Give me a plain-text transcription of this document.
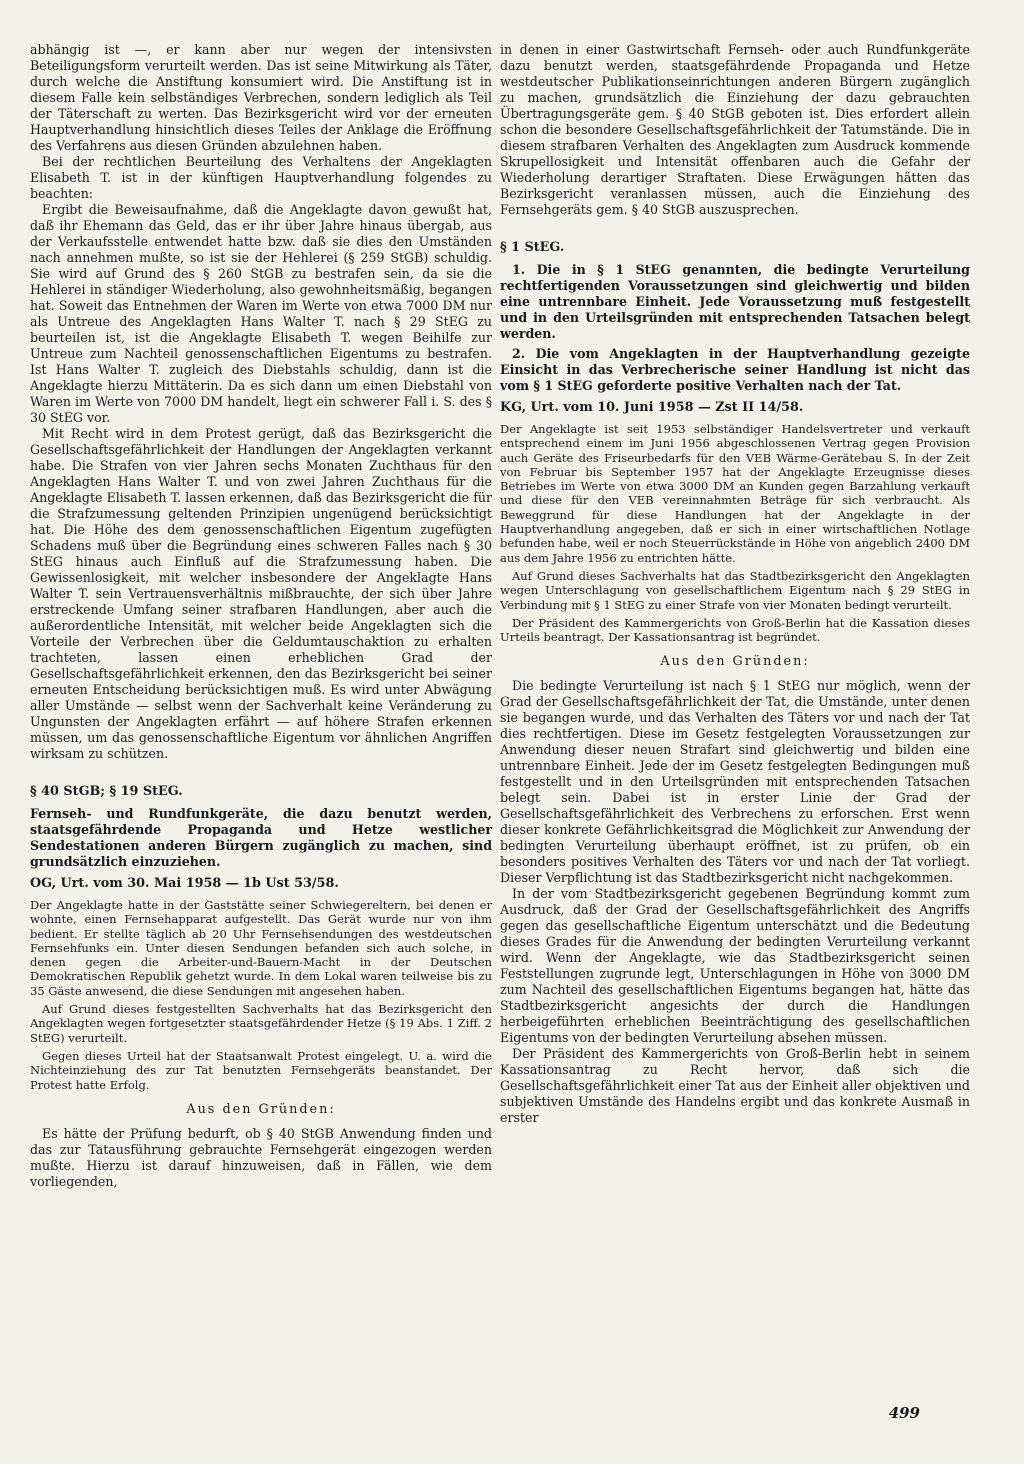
abhängig ist —, er kann aber nur wegen der intensivsten Beteiligungsform verurteilt werden. Das ist seine Mitwirkung als Täter, durch welche die Anstiftung konsumiert wird. Die Anstiftung ist in diesem Falle kein selbständiges Verbrechen, sondern lediglich als Teil der Täterschaft zu werten. Das Bezirksgericht wird vor der erneuten Hauptverhandlung hinsichtlich dieses Teiles der Anklage die Eröffnung des Verfahrens aus diesen Gründen abzulehnen haben.

Bei der rechtlichen Beurteilung des Verhaltens der Angeklagten Elisabeth T. ist in der künftigen Hauptverhandlung folgendes zu beachten:

Ergibt die Beweisaufnahme, daß die Angeklagte davon gewußt hat, daß ihr Ehemann das Geld, das er ihr über Jahre hinaus übergab, aus der Verkaufsstelle entwendet hatte bzw. daß sie dies den Umständen nach annehmen mußte, so ist sie der Hehlerei (§ 259 StGB) schuldig. Sie wird auf Grund des § 260 StGB zu bestrafen sein, da sie die Hehlerei in ständiger Wiederholung, also gewohnheitsmäßig, begangen hat. Soweit das Entnehmen der Waren im Werte von etwa 7000 DM nur als Untreue des Angeklagten Hans Walter T. nach § 29 StEG zu beurteilen ist, ist die Angeklagte Elisabeth T. wegen Beihilfe zur Untreue zum Nachteil genossenschaftlichen Eigentums zu bestrafen. Ist Hans Walter T. zugleich des Diebstahls schuldig, dann ist die Angeklagte hierzu Mittäterin. Da es sich dann um einen Diebstahl von Waren im Werte von 7000 DM handelt, liegt ein schwerer Fall i. S. des § 30 StEG vor.

Mit Recht wird in dem Protest gerügt, daß das Bezirksgericht die Gesellschaftsgefährlichkeit der Handlungen der Angeklagten verkannt habe. Die Strafen von vier Jahren sechs Monaten Zuchthaus für den Angeklagten Hans Walter T. und von zwei Jahren Zuchthaus für die Angeklagte Elisabeth T. lassen erkennen, daß das Bezirksgericht die für die Strafzumessung geltenden Prinzipien ungenügend berücksichtigt hat. Die Höhe des dem genossenschaftlichen Eigentum zugefügten Schadens muß über die Begründung eines schweren Falles nach § 30 StEG hinaus auch Einfluß auf die Strafzumessung haben. Die Gewissenlosigkeit, mit welcher insbesondere der Angeklagte Hans Walter T. sein Vertrauensverhältnis mißbrauchte, der sich über Jahre erstreckende Umfang seiner strafbaren Handlungen, aber auch die außerordentliche Intensität, mit welcher beide Angeklagten sich die Vorteile der Verbrechen über die Geldumtauschaktion zu erhalten trachteten, lassen einen erheblichen Grad der Gesellschaftsgefährlichkeit erkennen, den das Bezirksgericht bei seiner erneuten Entscheidung berücksichtigen muß. Es wird unter Abwägung aller Umstände — selbst wenn der Sachverhalt keine Veränderung zu Ungunsten der Angeklagten erfährt — auf höhere Strafen erkennen müssen, um das genossenschaftliche Eigentum vor ähnlichen Angriffen wirksam zu schützen.

§ 40 StGB; § 19 StEG.

Fernseh- und Rundfunkgeräte, die dazu benutzt werden, staatsgefährdende Propaganda und Hetze westlicher Sendestationen anderen Bürgern zugänglich zu machen, sind grundsätzlich einzuziehen.

OG, Urt. vom 30. Mai 1958 — 1b Ust 53/58.

Der Angeklagte hatte in der Gaststätte seiner Schwiegereltern, bei denen er wohnte, einen Fernsehapparat aufgestellt. Das Gerät wurde nur von ihm bedient. Er stellte täglich ab 20 Uhr Fernsehsendungen des westdeutschen Fernsehfunks ein. Unter diesen Sendungen befanden sich auch solche, in denen gegen die Arbeiter-und-Bauern-Macht in der Deutschen Demokratischen Republik gehetzt wurde. In dem Lokal waren teilweise bis zu 35 Gäste anwesend, die diese Sendungen mit angesehen haben.

Auf Grund dieses festgestellten Sachverhalts hat das Bezirksgericht den Angeklagten wegen fortgesetzter staatsgefährdender Hetze (§ 19 Abs. 1 Ziff. 2 StEG) verurteilt.

Gegen dieses Urteil hat der Staatsanwalt Protest eingelegt. U. a. wird die Nichteinziehung des zur Tat benutzten Fernsehgeräts beanstandet. Der Protest hatte Erfolg.

Aus den Gründen:

Es hätte der Prüfung bedurft, ob § 40 StGB Anwendung finden und das zur Tatausführung gebrauchte Fernsehgerät eingezogen werden mußte. Hierzu ist darauf hinzuweisen, daß in Fällen, wie dem vorliegenden,

in denen in einer Gastwirtschaft Fernseh- oder auch Rundfunkgeräte dazu benutzt werden, staatsgefährdende Propaganda und Hetze westdeutscher Publikationseinrichtungen anderen Bürgern zugänglich zu machen, grundsätzlich die Einziehung der dazu gebrauchten Übertragungsgeräte gem. § 40 StGB geboten ist. Dies erfordert allein schon die besondere Gesellschaftsgefährlichkeit der Tatumstände. Die in diesem strafbaren Verhalten des Angeklagten zum Ausdruck kommende Skrupellosigkeit und Intensität offenbaren auch die Gefahr der Wiederholung derartiger Straftaten. Diese Erwägungen hätten das Bezirksgericht veranlassen müssen, auch die Einziehung des Fernsehgeräts gem. § 40 StGB auszusprechen.

§ 1 StEG.

1. Die in § 1 StEG genannten, die bedingte Verurteilung rechtfertigenden Voraussetzungen sind gleichwertig und bilden eine untrennbare Einheit. Jede Voraussetzung muß festgestellt und in den Urteilsgründen mit entsprechenden Tatsachen belegt werden.

2. Die vom Angeklagten in der Hauptverhandlung gezeigte Einsicht in das Verbrecherische seiner Handlung ist nicht das vom § 1 StEG geforderte positive Verhalten nach der Tat.

KG, Urt. vom 10. Juni 1958 — Zst II 14/58.

Der Angeklagte ist seit 1953 selbständiger Handelsvertreter und verkauft entsprechend einem im Juni 1956 abgeschlossenen Vertrag gegen Provision auch Geräte des Friseurbedarfs für den VEB Wärme-Gerätebau S. In der Zeit von Februar bis September 1957 hat der Angeklagte Erzeugnisse dieses Betriebes im Werte von etwa 3000 DM an Kunden gegen Barzahlung verkauft und diese für den VEB vereinnahmten Beträge für sich verbraucht. Als Beweggrund für diese Handlungen hat der Angeklagte in der Hauptverhandlung angegeben, daß er sich in einer wirtschaftlichen Notlage befunden habe, weil er noch Steuerrückstände in Höhe von angeblich 2400 DM aus dem Jahre 1956 zu entrichten hätte.

Auf Grund dieses Sachverhalts hat das Stadtbezirksgericht den Angeklagten wegen Unterschlagung von gesellschaftlichem Eigentum nach § 29 StEG in Verbindung mit § 1 StEG zu einer Strafe von vier Monaten bedingt verurteilt.

Der Präsident des Kammergerichts von Groß-Berlin hat die Kassation dieses Urteils beantragt. Der Kassationsantrag ist begründet.

Aus den Gründen:

Die bedingte Verurteilung ist nach § 1 StEG nur möglich, wenn der Grad der Gesellschaftsgefährlichkeit der Tat, die Umstände, unter denen sie begangen wurde, und das Verhalten des Täters vor und nach der Tat dies rechtfertigen. Diese im Gesetz festgelegten Voraussetzungen zur Anwendung dieser neuen Strafart sind gleichwertig und bilden eine untrennbare Einheit. Jede der im Gesetz festgelegten Bedingungen muß festgestellt und in den Urteilsgründen mit entsprechenden Tatsachen belegt sein. Dabei ist in erster Linie der Grad der Gesellschaftsgefährlichkeit des Verbrechens zu erforschen. Erst wenn dieser konkrete Gefährlichkeitsgrad die Möglichkeit zur Anwendung der bedingten Verurteilung überhaupt eröffnet, ist zu prüfen, ob ein besonders positives Verhalten des Täters vor und nach der Tat vorliegt. Dieser Verpflichtung ist das Stadtbezirksgericht nicht nachgekommen.

In der vom Stadtbezirksgericht gegebenen Begründung kommt zum Ausdruck, daß der Grad der Gesellschaftsgefährlichkeit des Angriffs gegen das gesellschaftliche Eigentum unterschätzt und die Bedeutung dieses Grades für die Anwendung der bedingten Verurteilung verkannt wird. Wenn der Angeklagte, wie das Stadtbezirksgericht seinen Feststellungen zugrunde legt, Unterschlagungen in Höhe von 3000 DM zum Nachteil des gesellschaftlichen Eigentums begangen hat, hätte das Stadtbezirksgericht angesichts der durch die Handlungen herbeigeführten erheblichen Beeinträchtigung des gesellschaftlichen Eigentums von der bedingten Verurteilung absehen müssen.

Der Präsident des Kammergerichts von Groß-Berlin hebt in seinem Kassationsantrag zu Recht hervor, daß sich die Gesellschaftsgefährlichkeit einer Tat aus der Einheit aller objektiven und subjektiven Umstände des Handelns ergibt und das konkrete Ausmaß in erster

499
